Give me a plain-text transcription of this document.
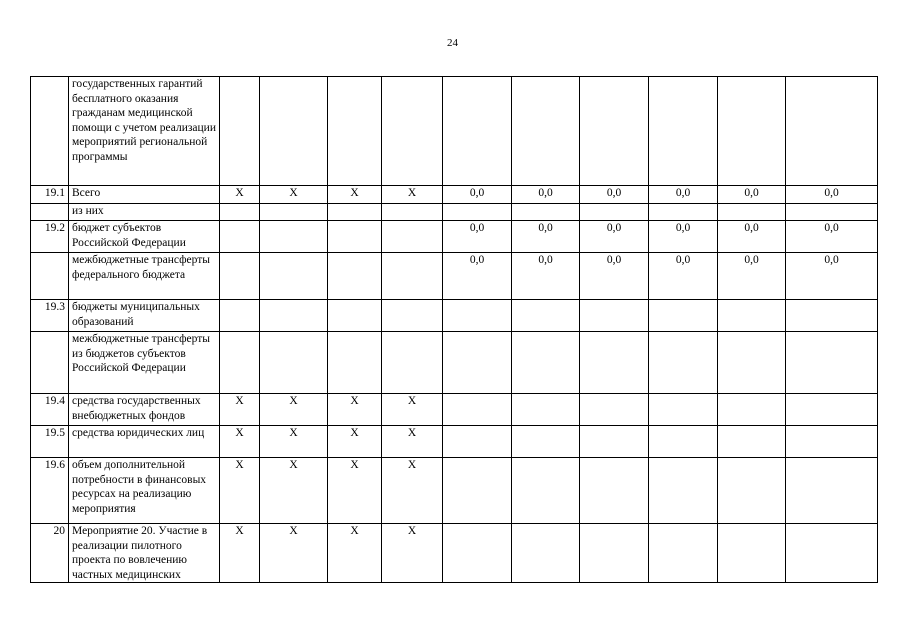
24
	государственных гарантий бесплатного оказания гражданам медицинской помощи с учетом реализации мероприятий региональной программы										
19.1	Всего	Х	Х	Х	Х	0,0	0,0	0,0	0,0	0,0	0,0
	из них										
19.2	бюджет субъектов Российской Федерации					0,0	0,0	0,0	0,0	0,0	0,0
	межбюджетные трансферты федерального бюджета					0,0	0,0	0,0	0,0	0,0	0,0
19.3	бюджеты муниципальных образований										
	межбюджетные трансферты из бюджетов субъектов Российской Федерации										
19.4	средства государственных внебюджетных фондов	Х	Х	Х	Х						
19.5	средства юридических лиц	Х	Х	Х	Х						
19.6	объем дополнительной потребности в финансовых ресурсах на реализацию мероприятия	Х	Х	Х	Х						
20	Мероприятие 20. Участие в реализации пилотного проекта по вовлечению частных медицинских	Х	Х	Х	Х						
